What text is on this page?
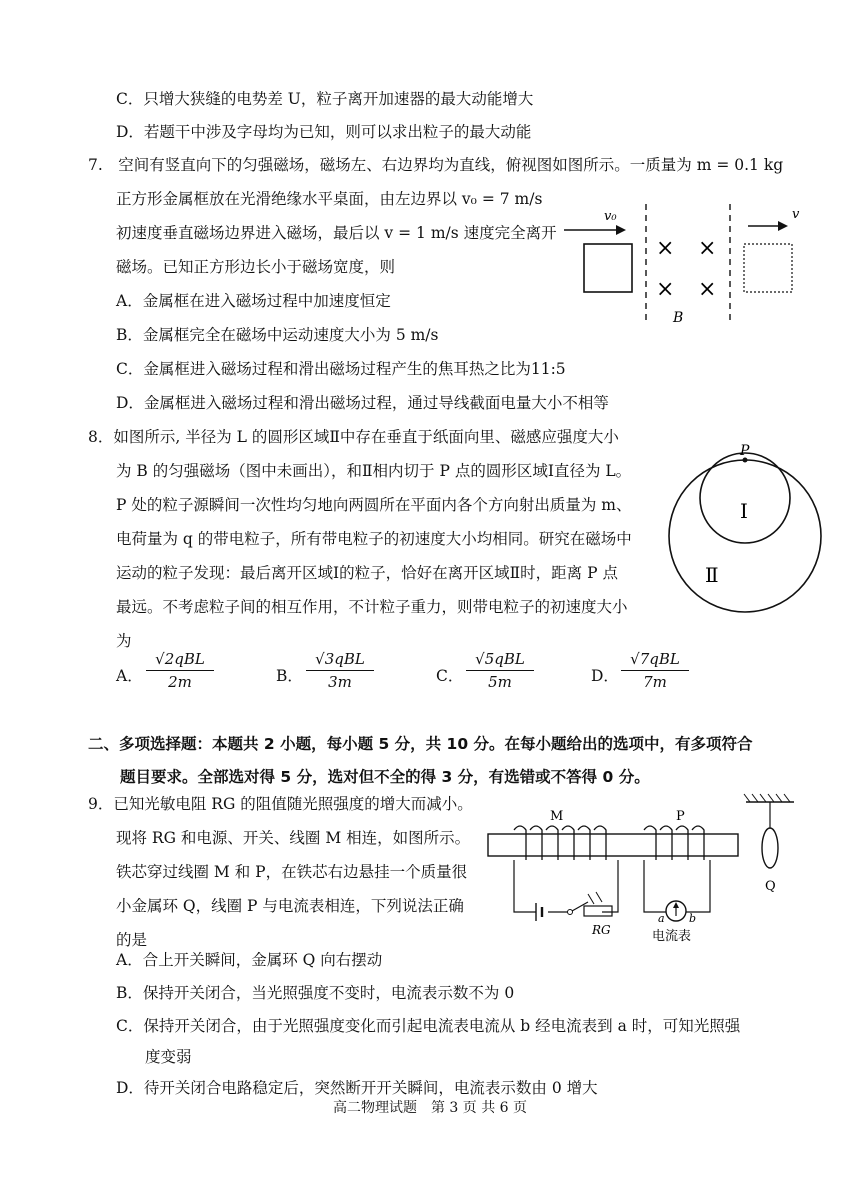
C．只增大狭缝的电势差 U，粒子离开加速器的最大动能增大
D．若题干中涉及字母均为已知，则可以求出粒子的最大动能
7.　空间有竖直向下的匀强磁场，磁场左、右边界均为直线，俯视图如图所示。一质量为 m = 0.1 kg
正方形金属框放在光滑绝缘水平桌面，由左边界以 v₀ = 7 m/s
初速度垂直磁场边界进入磁场，最后以 v = 1 m/s 速度完全离开
磁场。已知正方形边长小于磁场宽度，则
A．金属框在进入磁场过程中加速度恒定
B．金属框完全在磁场中运动速度大小为 5 m/s
C．金属框进入磁场过程和滑出磁场过程产生的焦耳热之比为11:5
D．金属框进入磁场过程和滑出磁场过程，通过导线截面电量大小不相等
v₀
× ×
× ×
B
v
8．如图所示, 半径为 L 的圆形区域Ⅱ中存在垂直于纸面向里、磁感应强度大小
为 B 的匀强磁场（图中未画出），和Ⅱ相内切于 P 点的圆形区域Ⅰ直径为 L。
P 处的粒子源瞬间一次性均匀地向两圆所在平面内各个方向射出质量为 m、
电荷量为 q 的带电粒子，所有带电粒子的初速度大小均相同。研究在磁场中
运动的粒子发现：最后离开区域Ⅰ的粒子，恰好在离开区域Ⅱ时，距离 P 点
最远。不考虑粒子间的相互作用，不计粒子重力，则带电粒子的初速度大小
为
P
Ⅰ
Ⅱ
A．
√2qBL
2m	B．
√3qBL
3m	C．
√5qBL
5m	D．
√7qBL
7m
二、多项选择题：本题共 2 小题，每小题 5 分，共 10 分。在每小题给出的选项中，有多项符合
题目要求。全部选对得 5 分，选对但不全的得 3 分，有选错或不答得 0 分。
9．已知光敏电阻 RG 的阻值随光照强度的增大而减小。
现将 RG 和电源、开关、线圈 M 相连，如图所示。
铁芯穿过线圈 M 和 P，在铁芯右边悬挂一个质量很
小金属环 Q，线圈 P 与电流表相连，下列说法正确
的是
Q
M	P
RG
a b
电流表
A．合上开关瞬间，金属环 Q 向右摆动
B．保持开关闭合，当光照强度不变时，电流表示数不为 0
C．保持开关闭合，由于光照强度变化而引起电流表电流从 b 经电流表到 a 时，可知光照强
度变弱
D．待开关闭合电路稳定后，突然断开开关瞬间，电流表示数由 0 增大
高二物理试题　第 3 页 共 6 页
